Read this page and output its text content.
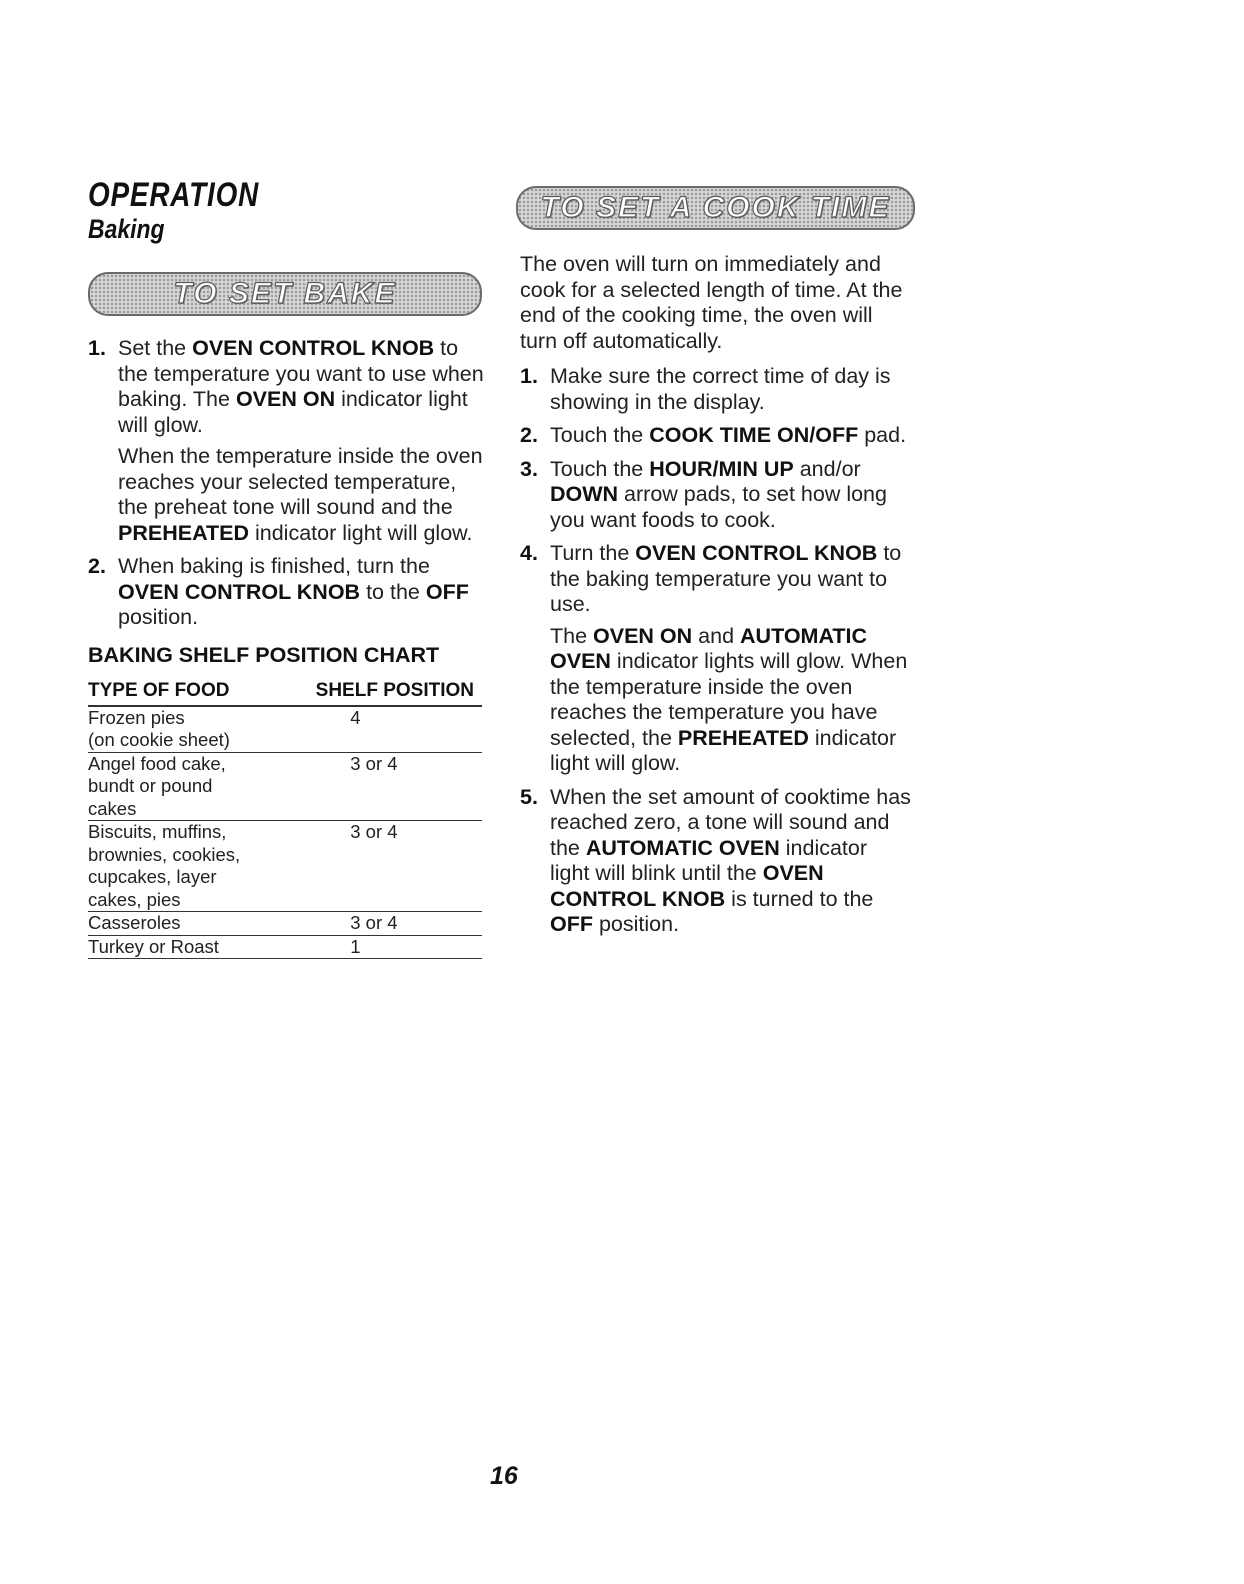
OPERATION
Baking
TO SET BAKE
1. Set the OVEN CONTROL KNOB to the temperature you want to use when baking. The OVEN ON indicator light will glow.
When the temperature inside the oven reaches your selected temperature, the preheat tone will sound and the PREHEATED indicator light will glow.
2. When baking is finished, turn the OVEN CONTROL KNOB to the OFF position.
BAKING SHELF POSITION CHART
TYPE OF FOOD	SHELF POSITION
Frozen pies
(on cookie sheet)	4
Angel food cake,
bundt or pound
cakes	3 or 4
Biscuits, muffins,
brownies, cookies,
cupcakes, layer
cakes, pies	3 or 4
Casseroles	3 or 4
Turkey or Roast	1
TO SET A COOK TIME
The oven will turn on immediately and cook for a selected length of time. At the end of the cooking time, the oven will turn off automatically.
1. Make sure the correct time of day is showing in the display.
2. Touch the COOK TIME ON/OFF pad.
3. Touch the HOUR/MIN UP and/or DOWN arrow pads, to set how long you want foods to cook.
4. Turn the OVEN CONTROL KNOB to the baking temperature you want to use.
The OVEN ON and AUTOMATIC OVEN indicator lights will glow. When the temperature inside the oven reaches the temperature you have selected, the PREHEATED indicator light will glow.
5. When the set amount of cooktime has reached zero, a tone will sound and the AUTOMATIC OVEN indicator light will blink until the OVEN CONTROL KNOB is turned to the OFF position.
16
